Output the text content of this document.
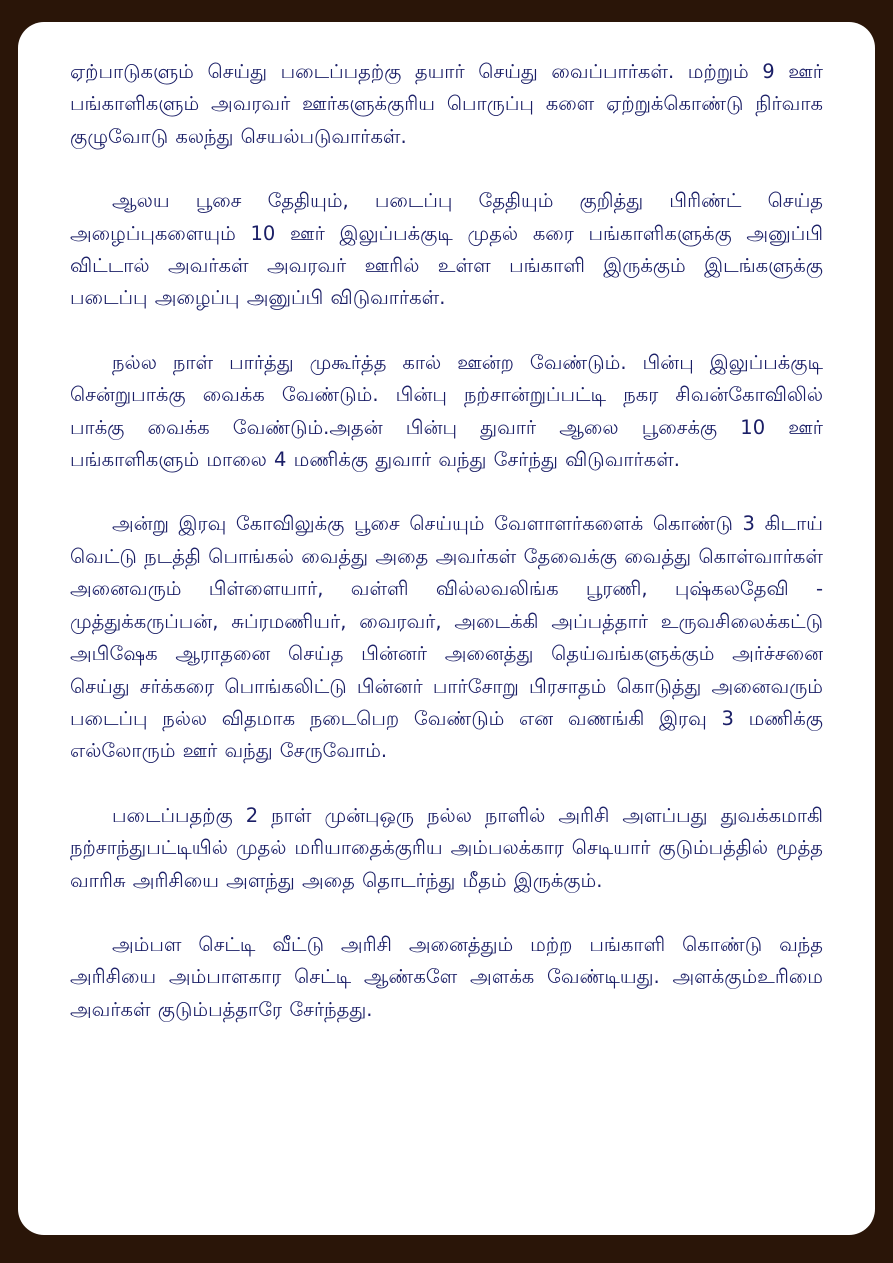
ஏற்பாடுகளும் செய்து படைப்பதற்கு தயார் செய்து வைப்பார்கள். மற்றும் 9 ஊர் பங்காளிகளும் அவரவர் ஊர்களுக்குரிய பொருப்பு களை ஏற்றுக்கொண்டு நிர்வாக குழுவோடு கலந்து செயல்படுவார்கள்.

ஆலய பூசை தேதியும், படைப்பு தேதியும் குறித்து பிரிண்ட் செய்த அழைப்புகளையும் 10 ஊர் இலுப்பக்குடி முதல் கரை பங்காளிகளுக்கு அனுப்பி விட்டால் அவர்கள் அவரவர் ஊரில் உள்ள பங்காளி இருக்கும் இடங்களுக்கு படைப்பு அழைப்பு அனுப்பி விடுவார்கள்.

நல்ல நாள் பார்த்து முகூர்த்த கால் ஊன்ற வேண்டும். பின்பு இலுப்பக்குடி சென்றுபாக்கு வைக்க வேண்டும். பின்பு நற்சான்றுப்பட்டி நகர சிவன்கோவிலில் பாக்கு வைக்க வேண்டும்.அதன் பின்பு துவார் ஆலை பூசைக்கு 10 ஊர் பங்காளிகளும் மாலை 4 மணிக்கு துவார் வந்து சேர்ந்து விடுவார்கள்.

அன்று இரவு கோவிலுக்கு பூசை செய்யும் வேளாளர்களைக் கொண்டு 3 கிடாய் வெட்டு நடத்தி பொங்கல் வைத்து அதை அவர்கள் தேவைக்கு வைத்து கொள்வார்கள் அனைவரும் பிள்ளையார், வள்ளி வில்லவலிங்க பூரணி, புஷ்கலதேவி - முத்துக்கருப்பன், சுப்ரமணியர், வைரவர், அடைக்கி அப்பத்தார் உருவசிலைக்கட்டு அபிஷேக ஆராதனை செய்த பின்னர் அனைத்து தெய்வங்களுக்கும் அர்ச்சனை செய்து சர்க்கரை பொங்கலிட்டு பின்னர் பார்சோறு பிரசாதம் கொடுத்து அனைவரும் படைப்பு நல்ல விதமாக நடைபெற வேண்டும் என வணங்கி இரவு 3 மணிக்கு எல்லோரும் ஊர் வந்து சேருவோம்.

படைப்பதற்கு 2 நாள் முன்புஒரு நல்ல நாளில் அரிசி அளப்பது துவக்கமாகி நற்சாந்துபட்டியில் முதல் மரியாதைக்குரிய அம்பலக்கார செடியார் குடும்பத்தில் மூத்த வாரிசு அரிசியை அளந்து அதை தொடர்ந்து மீதம் இருக்கும்.

அம்பள செட்டி வீட்டு அரிசி அனைத்தும் மற்ற பங்காளி கொண்டு வந்த அரிசியை அம்பாளகார செட்டி ஆண்களே அளக்க வேண்டியது. அளக்கும்உரிமை அவர்கள் குடும்பத்தாரே சேர்ந்தது.
